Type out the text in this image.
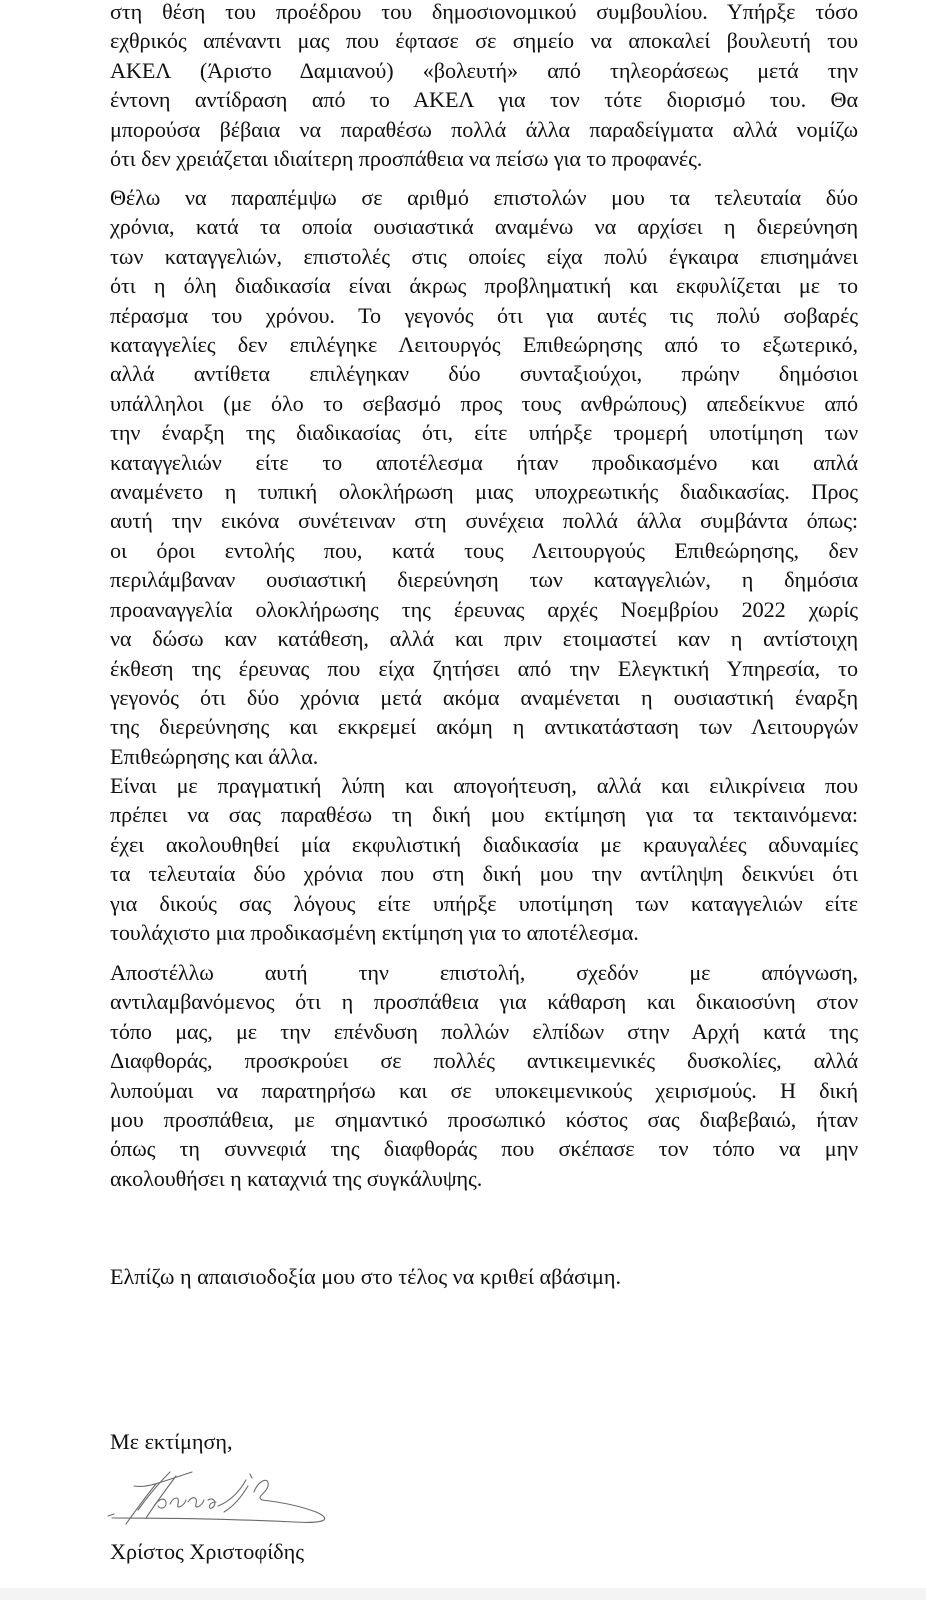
στη θέση του προέδρου του δημοσιονομικού συμβουλίου. Υπήρξε τόσο
εχθρικός απέναντι μας που έφτασε σε σημείο να αποκαλεί βουλευτή του
ΑΚΕΛ (Άριστο Δαμιανού) «βολευτή» από τηλεοράσεως μετά την
έντονη αντίδραση από το ΑΚΕΛ για τον τότε διορισμό του. Θα
μπορούσα βέβαια να παραθέσω πολλά άλλα παραδείγματα αλλά νομίζω
ότι δεν χρειάζεται ιδιαίτερη προσπάθεια να πείσω για το προφανές.
Θέλω να παραπέμψω σε αριθμό επιστολών μου τα τελευταία δύο
χρόνια, κατά τα οποία ουσιαστικά αναμένω να αρχίσει η διερεύνηση
των καταγγελιών, επιστολές στις οποίες είχα πολύ έγκαιρα επισημάνει
ότι η όλη διαδικασία είναι άκρως προβληματική και εκφυλίζεται με το
πέρασμα του χρόνου. Το γεγονός ότι για αυτές τις πολύ σοβαρές
καταγγελίες δεν επιλέγηκε Λειτουργός Επιθεώρησης από το εξωτερικό,
αλλά αντίθετα επιλέγηκαν δύο συνταξιούχοι, πρώην δημόσιοι
υπάλληλοι (με όλο το σεβασμό προς τους ανθρώπους) απεδείκνυε από
την έναρξη της διαδικασίας ότι, είτε υπήρξε τρομερή υποτίμηση των
καταγγελιών είτε το αποτέλεσμα ήταν προδικασμένο και απλά
αναμένετο η τυπική ολοκλήρωση μιας υποχρεωτικής διαδικασίας. Προς
αυτή την εικόνα συνέτειναν στη συνέχεια πολλά άλλα συμβάντα όπως:
οι όροι εντολής που, κατά τους Λειτουργούς Επιθεώρησης, δεν
περιλάμβαναν ουσιαστική διερεύνηση των καταγγελιών, η δημόσια
προαναγγελία ολοκλήρωσης της έρευνας αρχές Νοεμβρίου 2022 χωρίς
να δώσω καν κατάθεση, αλλά και πριν ετοιμαστεί καν η αντίστοιχη
έκθεση της έρευνας που είχα ζητήσει από την Ελεγκτική Υπηρεσία, το
γεγονός ότι δύο χρόνια μετά ακόμα αναμένεται η ουσιαστική έναρξη
της διερεύνησης και εκκρεμεί ακόμη η αντικατάσταση των Λειτουργών
Επιθεώρησης και άλλα.
Είναι με πραγματική λύπη και απογοήτευση, αλλά και ειλικρίνεια που
πρέπει να σας παραθέσω τη δική μου εκτίμηση για τα τεκταινόμενα:
έχει ακολουθηθεί μία εκφυλιστική διαδικασία με κραυγαλέες αδυναμίες
τα τελευταία δύο χρόνια που στη δική μου την αντίληψη δεικνύει ότι
για δικούς σας λόγους είτε υπήρξε υποτίμηση των καταγγελιών είτε
τουλάχιστο μια προδικασμένη εκτίμηση για το αποτέλεσμα.
Αποστέλλω αυτή την επιστολή, σχεδόν με απόγνωση,
αντιλαμβανόμενος ότι η προσπάθεια για κάθαρση και δικαιοσύνη στον
τόπο μας, με την επένδυση πολλών ελπίδων στην Αρχή κατά της
Διαφθοράς, προσκρούει σε πολλές αντικειμενικές δυσκολίες, αλλά
λυπούμαι να παρατηρήσω και σε υποκειμενικούς χειρισμούς. Η δική
μου προσπάθεια, με σημαντικό προσωπικό κόστος σας διαβεβαιώ, ήταν
όπως τη συννεφιά της διαφθοράς που σκέπασε τον τόπο να μην
ακολουθήσει η καταχνιά της συγκάλυψης.

Ελπίζω η απαισιοδοξία μου στο τέλος να κριθεί αβάσιμη.

Με εκτίμηση,

Χρίστος Χριστοφίδης
